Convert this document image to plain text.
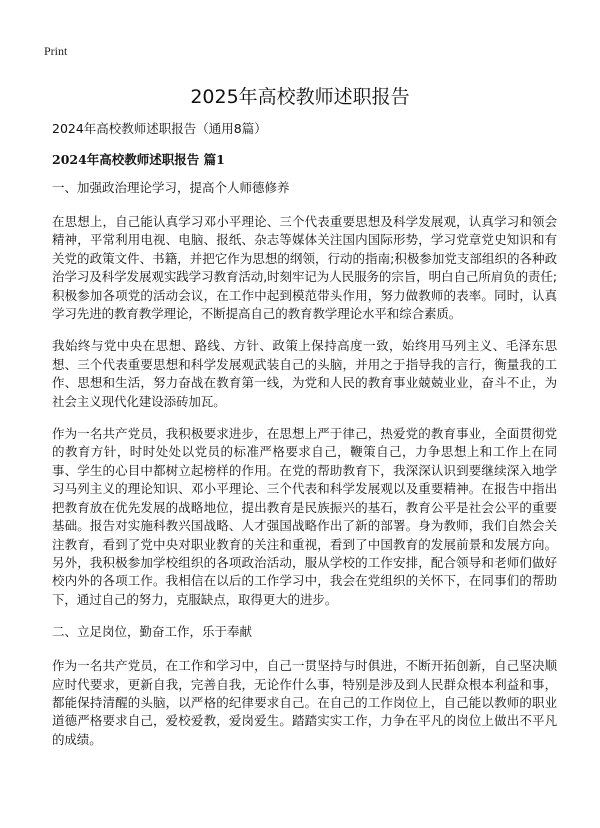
Print
2025年高校教师述职报告

2024年高校教师述职报告（通用8篇）

2024年高校教师述职报告 篇1

一、加强政治理论学习，提高个人师德修养

在思想上，自己能认真学习邓小平理论、三个代表重要思想及科学发展观，认真学习和领会精神，平常利用电视、电脑、报纸、杂志等媒体关注国内国际形势，学习党章党史知识和有关党的政策文件、书籍，并把它作为思想的纲领，行动的指南;积极参加党支部组织的各种政治学习及科学发展观实践学习教育活动,时刻牢记为人民服务的宗旨，明白自己所肩负的责任;积极参加各项党的活动会议，在工作中起到模范带头作用，努力做教师的表率。同时，认真学习先进的教育教学理论，不断提高自己的教育教学理论水平和综合素质。

我始终与党中央在思想、路线、方针、政策上保持高度一致，始终用马列主义、毛泽东思想、三个代表重要思想和科学发展观武装自己的头脑，并用之于指导我的言行，衡量我的工作、思想和生活，努力奋战在教育第一线，为党和人民的教育事业兢兢业业，奋斗不止，为社会主义现代化建设添砖加瓦。

作为一名共产党员，我积极要求进步，在思想上严于律己，热爱党的教育事业，全面贯彻党的教育方针，时时处处以党员的标准严格要求自己，鞭策自己，力争思想上和工作上在同事、学生的心目中都树立起榜样的作用。在党的帮助教育下，我深深认识到要继续深入地学习马列主义的理论知识、邓小平理论、三个代表和科学发展观以及重要精神。在报告中指出把教育放在优先发展的战略地位，提出教育是民族振兴的基石，教育公平是社会公平的重要基础。报告对实施科教兴国战略、人才强国战略作出了新的部署。身为教师，我们自然会关注教育，看到了党中央对职业教育的关注和重视，看到了中国教育的发展前景和发展方向。另外，我积极参加学校组织的各项政治活动，服从学校的工作安排，配合领导和老师们做好校内外的各项工作。我相信在以后的工作学习中，我会在党组织的关怀下，在同事们的帮助下，通过自己的努力，克服缺点，取得更大的进步。

二、立足岗位，勤奋工作，乐于奉献

作为一名共产党员，在工作和学习中，自己一贯坚持与时俱进，不断开拓创新，自己坚决顺应时代要求，更新自我，完善自我，无论作什么事，特别是涉及到人民群众根本利益和事，都能保持清醒的头脑，以严格的纪律要求自己。在自己的工作岗位上，自己能以教师的职业道德严格要求自己，爱校爱教，爱岗爱生。踏踏实实工作，力争在平凡的岗位上做出不平凡的成绩。
